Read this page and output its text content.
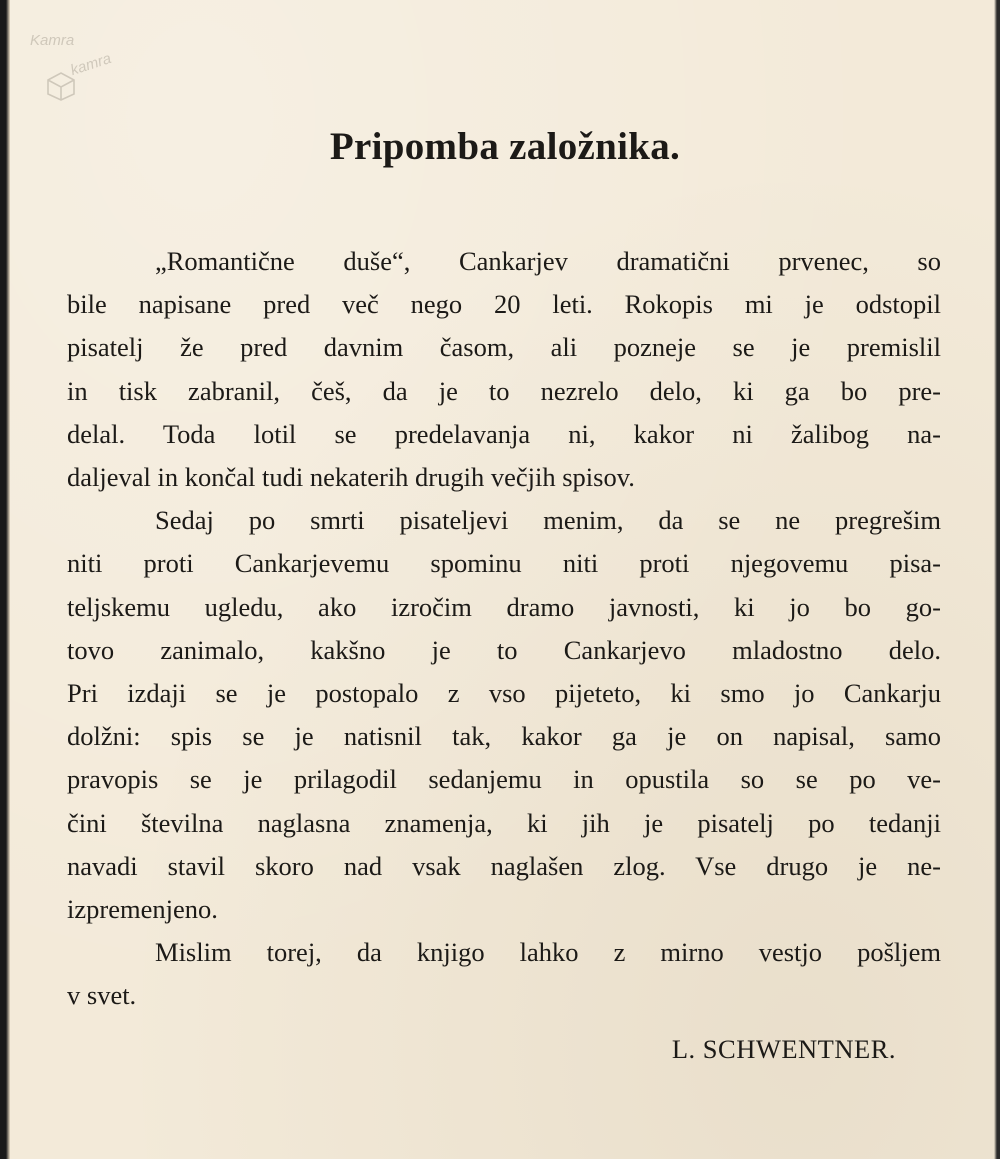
Kamra
kamra
Pripomba založnika.
„Romantične duše“, Cankarjev dramatični prvenec, so
bile napisane pred več nego 20 leti. Rokopis mi je odstopil
pisatelj že pred davnim časom, ali pozneje se je premislil
in tisk zabranil, češ, da je to nezrelo delo, ki ga bo pre-
delal. Toda lotil se predelavanja ni, kakor ni žalibog na-
daljeval in končal tudi nekaterih drugih večjih spisov.
Sedaj po smrti pisateljevi menim, da se ne pregrešim
niti proti Cankarjevemu spominu niti proti njegovemu pisa-
teljskemu ugledu, ako izročim dramo javnosti, ki jo bo go-
tovo zanimalo, kakšno je to Cankarjevo mladostno delo.
Pri izdaji se je postopalo z vso pijeteto, ki smo jo Cankarju
dolžni: spis se je natisnil tak, kakor ga je on napisal, samo
pravopis se je prilagodil sedanjemu in opustila so se po ve-
čini številna naglasna znamenja, ki jih je pisatelj po tedanji
navadi stavil skoro nad vsak naglašen zlog. Vse drugo je ne-
izpremenjeno.
Mislim torej, da knjigo lahko z mirno vestjo pošljem
v svet.
L. SCHWENTNER.
